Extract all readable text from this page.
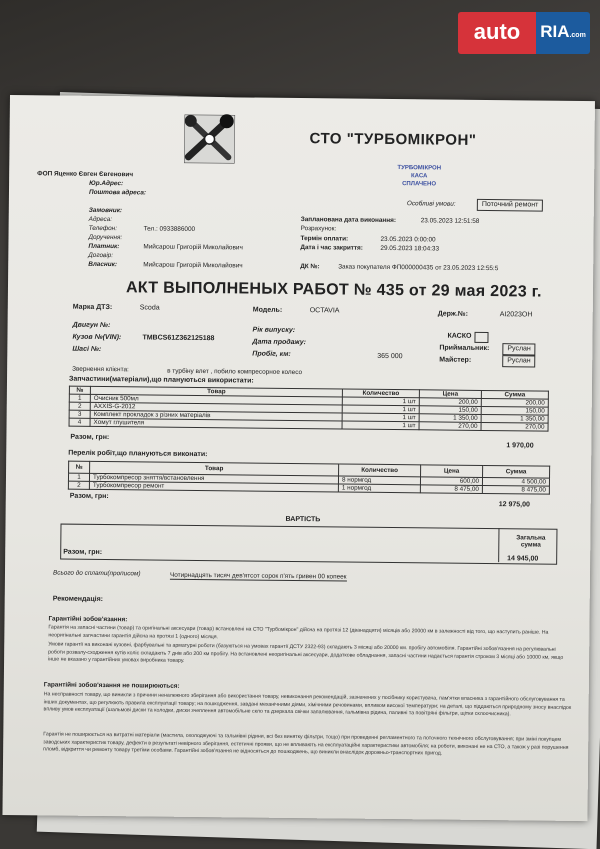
auto	RIA.com
СТО "ТУРБОМІКРОН"
ТУРБОМІКРОН
КАСА
СПЛАЧЕНО
ФОП Яценко Євген Євгенович
Юр.Адрес:
Поштова адреса:
Особливі умови:	Поточний ремонт
Замовник:
Адреса:
Телефон:	Тел.: 0933886000
Доручення:
Платник:	Мийсарош Григорій Миколайович
Договір:
Власник:	Мийсарош Григорій Миколайович
Запланована дата виконання:	23.05.2023 12:51:58
Розрахунок:
Термін оплати:	23.05.2023 0:00:00
Дата і час закриття:	29.05.2023 18:04:33
ДК №:	Заказ покупателя ФП000000435 от 23.05.2023 12:55:5
АКТ ВЫПОЛНЕНЫХ РАБОТ № 435 от 29 мая 2023 г.
Марка ДТЗ:	Scoda	Модель:	OCTAVIA	Держ.№:	AI2023OH
Двигун №:
Рік випуску:
КАСКО
Кузов №(VIN):	TMBCS61Z362125188
Дата продажу:
Приймальник:	Руслан
Шасі №:
Пробіг, км:	365 000
Майстер:	Руслан
Звернення клієнта:	в турбіну влет , побило компресорное колесо
Запчастини(матеріали),що плануються використати:
№	Товар	Количество	Цена	Сумма
1	Очисник 500мл	1 шт	200,00	200,00
2	AXXIS-G-2012	1 шт	150,00	150,00
3	Комплект прокладок з різних матеріалів	1 шт	1 350,00	1 350,00
4	Хомут глушителя	1 шт	270,00	270,00
Разом, грн:
1 970,00
Перелік робіт,що плануються виконати:
№	Товар	Количество	Цена	Сумма
1	Турбокомпресор зняття/встановлення	8 нормгод	600,00	4 500,00
2	Турбокомпресор ремонт	1 нормгод	8 475,00	8 475,00
Разом, грн:
12 975,00
ВАРТІСТЬ
Загальна сумма
Разом, грн:
14 945,00
Всього до сплати(прописом)	Чотирнадцять тисяч дев'ятсот сорок п'ять гривен 00 копеек
Рекомендація:
Гарантійні зобов'язання:
Гарантія на запасні частини (товар) та оригінальні аксесуари (товар) встановлені на СТО "Турбомікрон" дійсна на протязі 12 (дванадцяти) місяців або 20000 км в залежності від того, що наступить раніше. На неоригінальні запчастини гарантія дійсна на протязі 1 (одного) місяця.
Умови гарантії на виконані кузовні, фарбувальні та арматурні роботи (базуються на умовах гарантії ДСТУ 2322-93) складають 3 місяці або 20000 км. пробігу автомобіля. Гарантійні зобов'язання на регулювальні роботи розвалу-сходження кутів коліс складають 7 днів або 200 км пробігу. На встановлені неоригінальні аксесуари, додаткове обладнання, запасні частини надається гарантія строком 3 місяці або 10000 км, якщо інше не вказано у гарантійних умовах виробника товару.
Гарантійні зобов'язання не поширюються:
На несправності товару, що виникли з причини неналежного зберігання або використання товару, невиконання рекомендацій, зазначених у посібнику користувача, пам'ятки власника з гарантійного обслуговування та інших документах, що регулюють правила експлуатації товару; на пошкодження, завдані механічними діями, хімічними речовинами, впливом високої температури; на деталі, що піддаються природному зносу внаслідок впливу умов експлуатації (шальмові диски та колодки, диски зчеплення автомобільне скло та дзеркала свічки запалювання, гальмівна рідина, паливні та повітряні фільтри, щітки склоочисника).
Гарантія не поширюється на витратні матеріали (мастила, охолоджуючі та гальмівні рідини, всі без винятку фільтри, тощо) при проведенні регламентного та поточного технічного обслуговування; при зміні покупцем заводських характеристик товару, дефекти в результаті невірного зберігання, естетичні прояви, що не впливають на експлуатаційні характеристики автомобіля; на роботи, виконані не на СТО, а також у разі порушення пломб, відкриття чи ремонту товару третіми особами. Гарантійні зобов'язання не відносяться до пошкоджень, що виникли внаслідок дорожньо-транспортних пригод.
